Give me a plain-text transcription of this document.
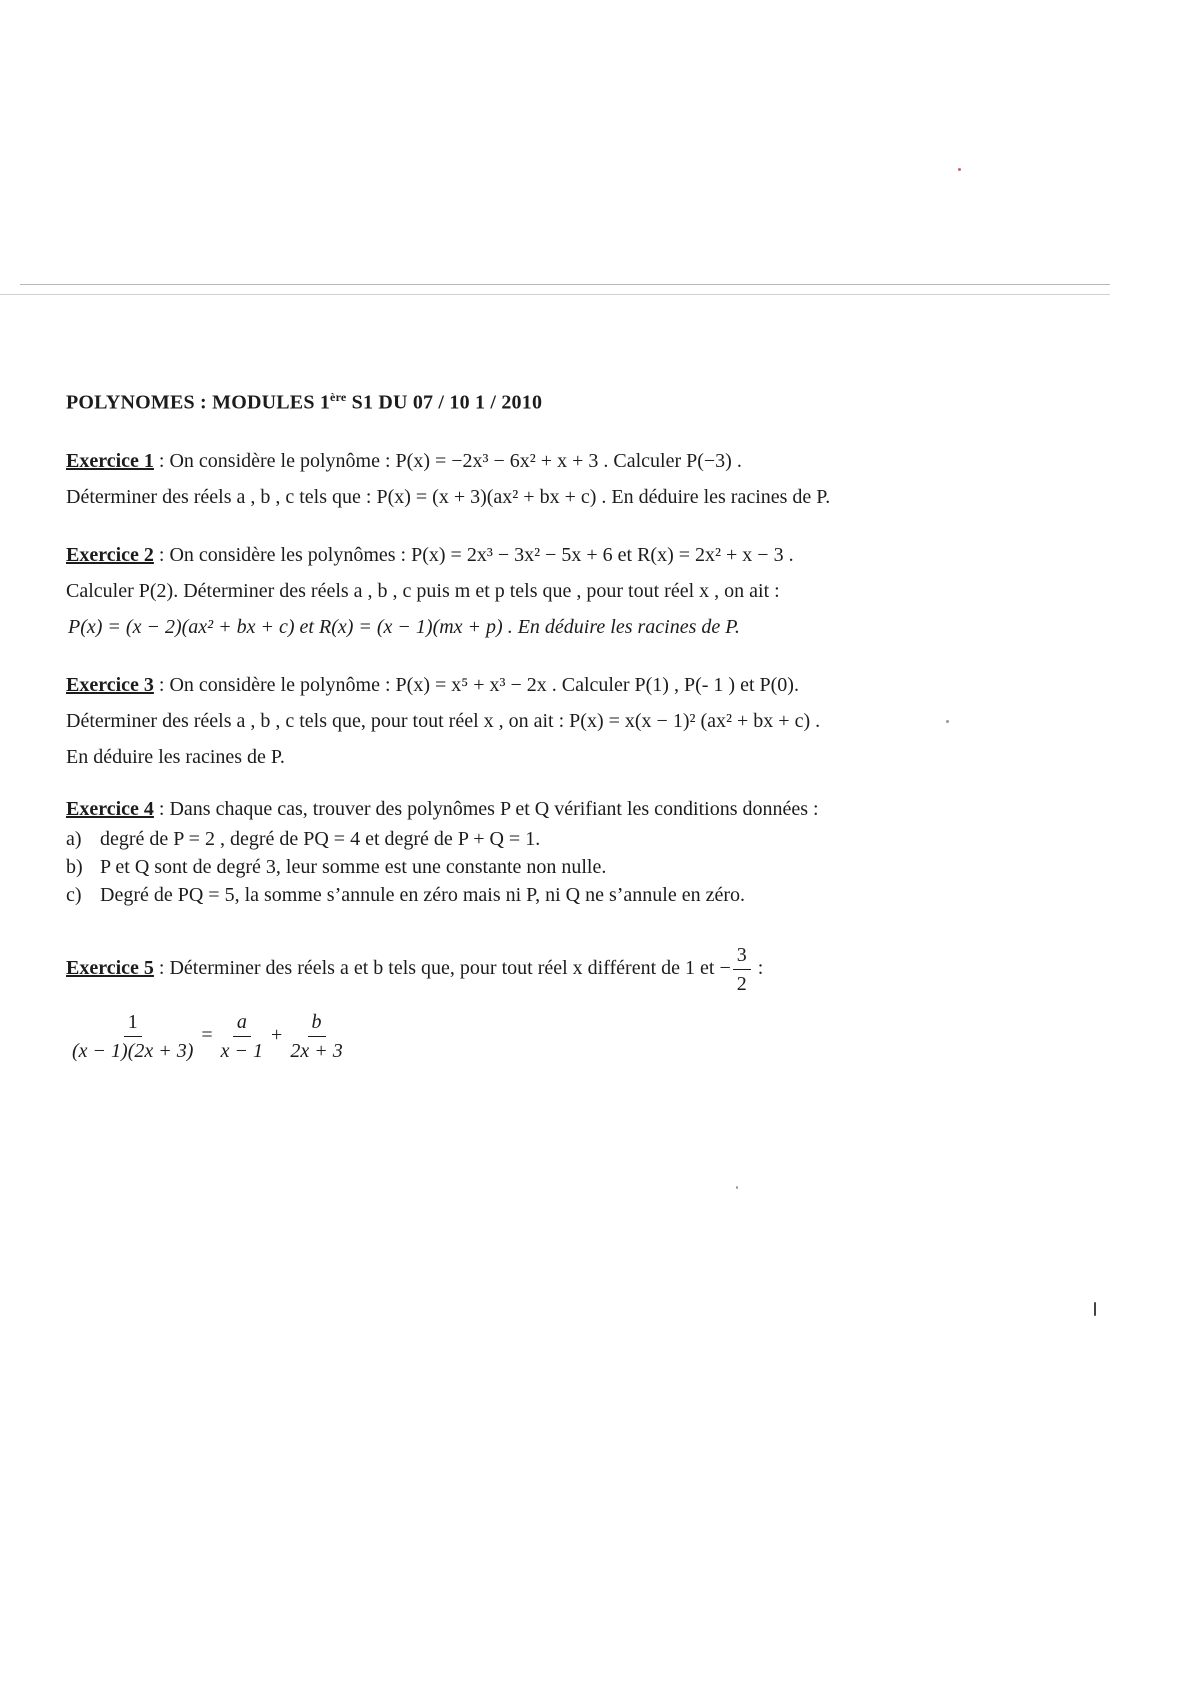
POLYNOMES : MODULES 1ère S1 DU 07 / 10 1 / 2010

Exercice 1 : On considère le polynôme : P(x) = −2x³ − 6x² + x + 3 . Calculer P(−3) .

Déterminer des réels a , b , c tels que : P(x) = (x + 3)(ax² + bx + c) . En déduire les racines de P.

Exercice 2 : On considère les polynômes : P(x) = 2x³ − 3x² − 5x + 6 et R(x) = 2x² + x − 3 .

Calculer P(2). Déterminer des réels a , b , c puis m et p tels que , pour tout réel x , on ait :

P(x) = (x − 2)(ax² + bx + c) et R(x) = (x − 1)(mx + p) . En déduire les racines de P.

Exercice 3 : On considère le polynôme : P(x) = x⁵ + x³ − 2x . Calculer P(1) , P(- 1 ) et P(0).

Déterminer des réels a , b , c tels que, pour tout réel x , on ait : P(x) = x(x − 1)² (ax² + bx + c) .

En déduire les racines de P.

Exercice 4 : Dans chaque cas, trouver des polynômes P et Q vérifiant les conditions données :

a) degré de P = 2 , degré de PQ = 4 et degré de P + Q = 1.
b) P et Q sont de degré 3, leur somme est une constante non nulle.
c) Degré de PQ = 5, la somme s’annule en zéro mais ni P, ni Q ne s’annule en zéro.

Exercice 5 : Déterminer des réels a et b tels que, pour tout réel x différent de 1 et − $\frac{3}{2}$ :

$\frac{1}{(x - 1)(2x + 3)} = \frac{a}{x - 1} + \frac{b}{2x + 3}$
